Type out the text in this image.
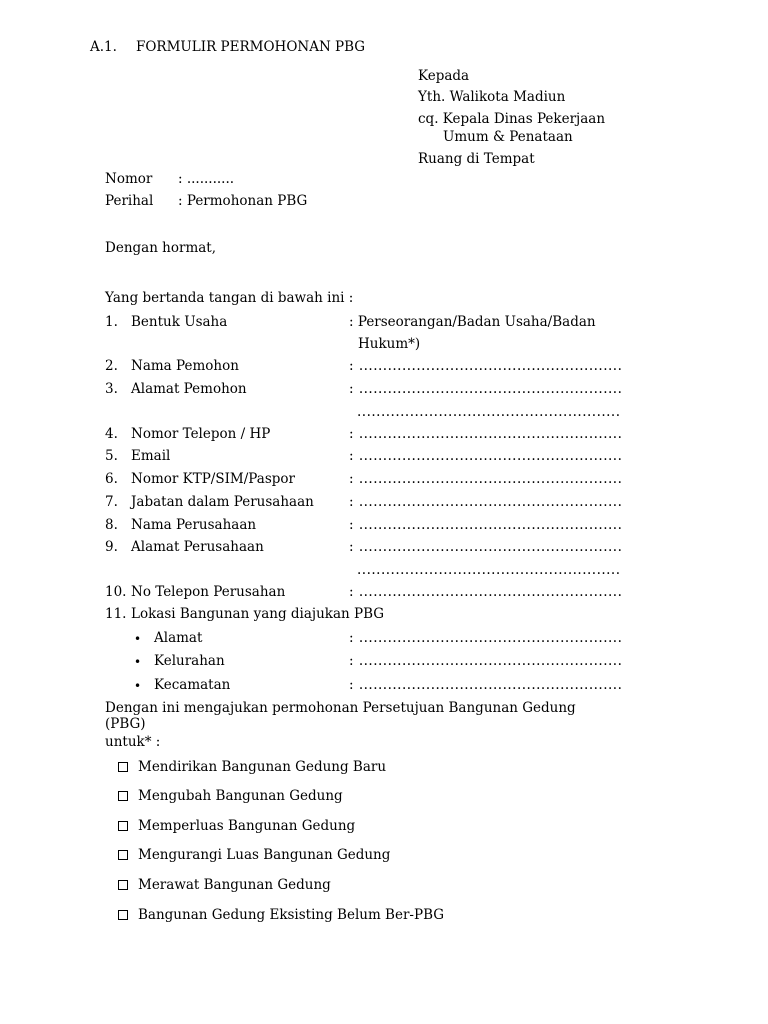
A.1. FORMULIR PERMOHONAN PBG
Kepada
Yth. Walikota Madiun
cq. Kepala Dinas Pekerjaan
Umum & Penataan
Ruang di Tempat
Nomor : ...........
Perihal : Permohonan PBG
Dengan hormat,
Yang bertanda tangan di bawah ini :
1. Bentuk Usaha	: Perseorangan/Badan Usaha/Badan
Hukum*)
2. Nama Pemohon	: .......................................................
3. Alamat Pemohon	: .......................................................
.......................................................
4. Nomor Telepon / HP	: .......................................................
5. Email	: .......................................................
6. Nomor KTP/SIM/Paspor	: .......................................................
7. Jabatan dalam Perusahaan	: .......................................................
8. Nama Perusahaan	: .......................................................
9. Alamat Perusahaan	: .......................................................
.......................................................
10. No Telepon Perusahan	: .......................................................
11. Lokasi Bangunan yang diajukan PBG
• Alamat	: .......................................................
• Kelurahan	: .......................................................
• Kecamatan	: .......................................................
Dengan ini mengajukan permohonan Persetujuan Bangunan Gedung
(PBG)
untuk* :
Mendirikan Bangunan Gedung Baru
Mengubah Bangunan Gedung
Memperluas Bangunan Gedung
Mengurangi Luas Bangunan Gedung
Merawat Bangunan Gedung
Bangunan Gedung Eksisting Belum Ber-PBG
